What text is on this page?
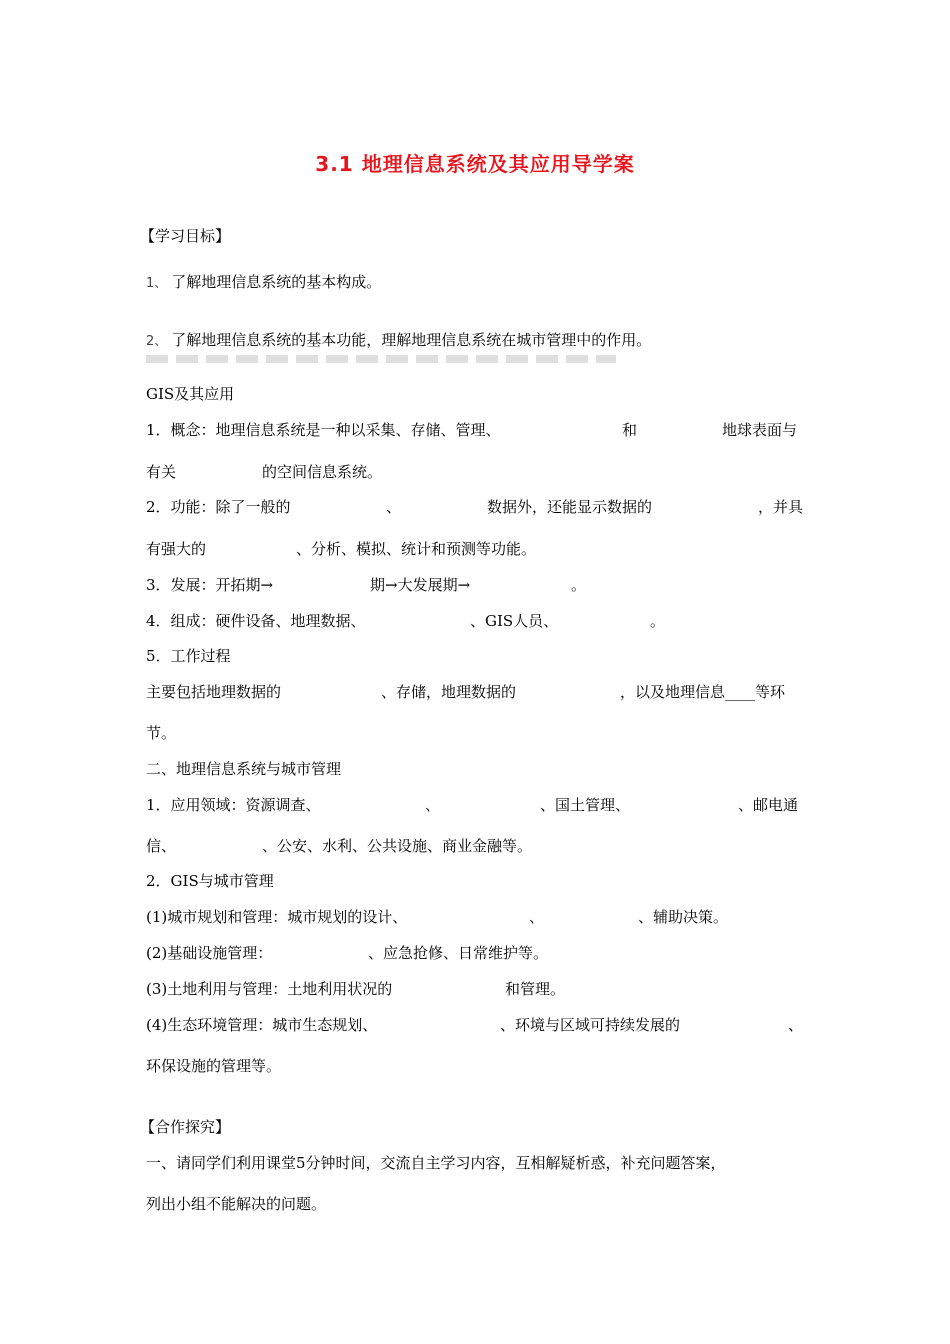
3.1 地理信息系统及其应用导学案
【学习目标】
1、 了解地理信息系统的基本构成。
2、 了解地理信息系统的基本功能，理解地理信息系统在城市管理中的作用。
GIS及其应用
1．概念：地理信息系统是一种以采集、存储、管理、	和	地球表面与
有关	的空间信息系统。
2．功能：除了一般的	、	数据外，还能显示数据的	，并具
有强大的	、分析、模拟、统计和预测等功能。
3．发展：开拓期→	期→大发展期→	。
4．组成：硬件设备、地理数据、	、GIS人员、	。
5．工作过程
主要包括地理数据的	、存储，地理数据的	，以及地理信息____等环
节。
二、地理信息系统与城市管理
1．应用领域：资源调查、	、	、国土管理、	、邮电通
信、	、公安、水利、公共设施、商业金融等。
2．GIS与城市管理
(1)城市规划和管理：城市规划的设计、	、	、辅助决策。
(2)基础设施管理：	、应急抢修、日常维护等。
(3)土地利用与管理：土地利用状况的	和管理。
(4)生态环境管理：城市生态规划、	、环境与区域可持续发展的	、
环保设施的管理等。
【合作探究】
一、请同学们利用课堂5分钟时间，交流自主学习内容，互相解疑析惑，补充问题答案，
列出小组不能解决的问题。
